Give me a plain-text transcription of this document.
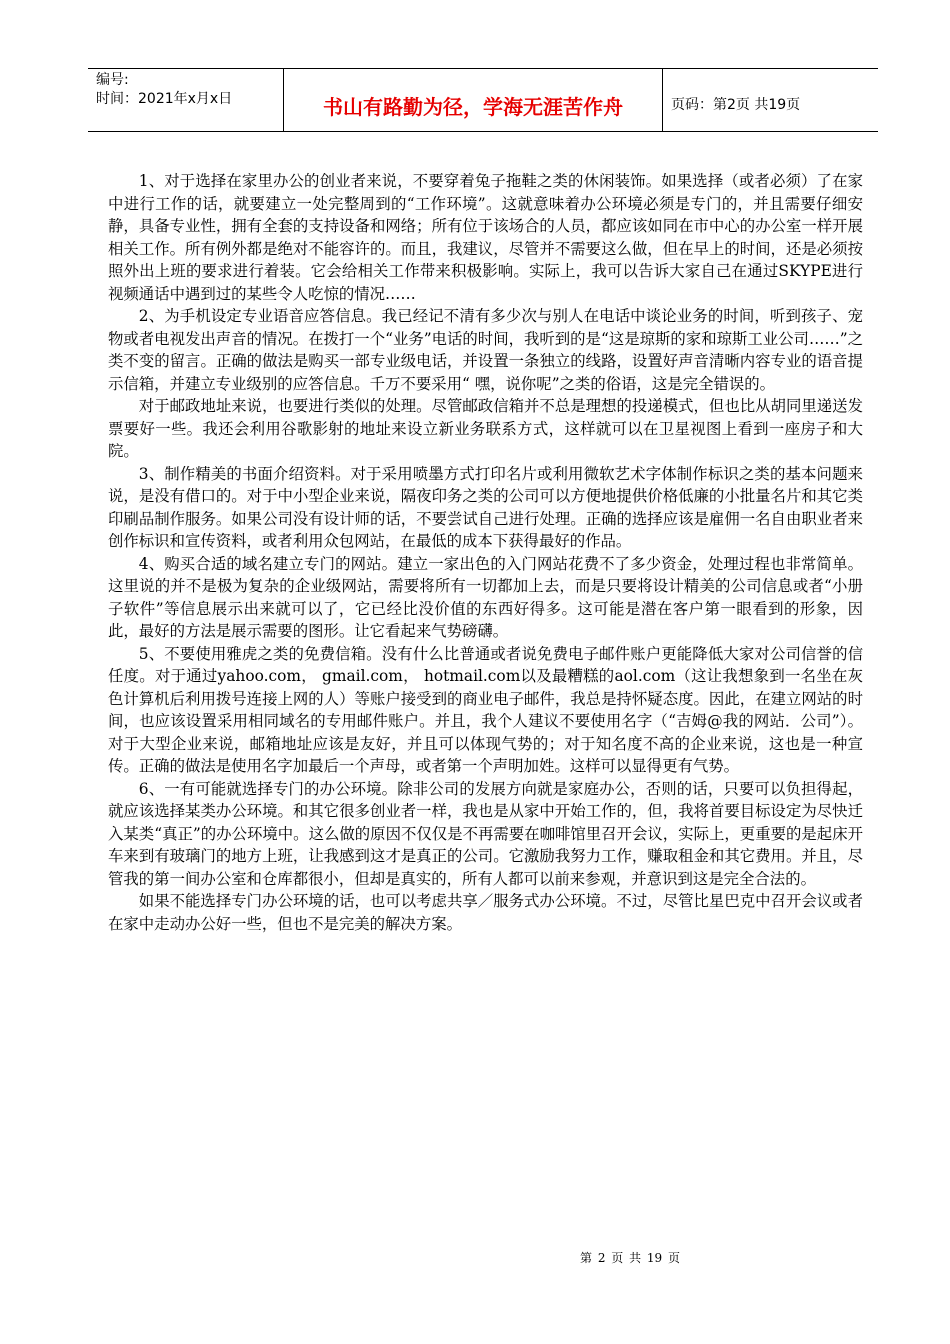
编号:
时间：2021年x月x日	书山有路勤为径，学海无涯苦作舟	页码：第2页 共19页

1、对于选择在家里办公的创业者来说，不要穿着兔子拖鞋之类的休闲装饰。如果选择（或者必须）了在家中进行工作的话，就要建立一处完整周到的“工作环境”。这就意味着办公环境必须是专门的，并且需要仔细安静，具备专业性，拥有全套的支持设备和网络；所有位于该场合的人员，都应该如同在市中心的办公室一样开展相关工作。所有例外都是绝对不能容许的。而且，我建议，尽管并不需要这么做，但在早上的时间，还是必须按照外出上班的要求进行着装。它会给相关工作带来积极影响。实际上，我可以告诉大家自己在通过SKYPE进行视频通话中遇到过的某些令人吃惊的情况……

2、为手机设定专业语音应答信息。我已经记不清有多少次与别人在电话中谈论业务的时间，听到孩子、宠物或者电视发出声音的情况。在拨打一个“业务”电话的时间，我听到的是“这是琼斯的家和琼斯工业公司……”之类不变的留言。正确的做法是购买一部专业级电话，并设置一条独立的线路，设置好声音清晰内容专业的语音提示信箱，并建立专业级别的应答信息。千万不要采用“ 嘿，说你呢”之类的俗语，这是完全错误的。

对于邮政地址来说，也要进行类似的处理。尽管邮政信箱并不总是理想的投递模式，但也比从胡同里递送发票要好一些。我还会利用谷歌影射的地址来设立新业务联系方式，这样就可以在卫星视图上看到一座房子和大院。

3、制作精美的书面介绍资料。对于采用喷墨方式打印名片或利用微软艺术字体制作标识之类的基本问题来说，是没有借口的。对于中小型企业来说，隔夜印务之类的公司可以方便地提供价格低廉的小批量名片和其它类印刷品制作服务。如果公司没有设计师的话，不要尝试自己进行处理。正确的选择应该是雇佣一名自由职业者来创作标识和宣传资料，或者利用众包网站，在最低的成本下获得最好的作品。

4、购买合适的域名建立专门的网站。建立一家出色的入门网站花费不了多少资金，处理过程也非常简单。这里说的并不是极为复杂的企业级网站，需要将所有一切都加上去，而是只要将设计精美的公司信息或者“小册子软件”等信息展示出来就可以了，它已经比没价值的东西好得多。这可能是潜在客户第一眼看到的形象，因此，最好的方法是展示需要的图形。让它看起来气势磅礴。

5、不要使用雅虎之类的免费信箱。没有什么比普通或者说免费电子邮件账户更能降低大家对公司信誉的信任度。对于通过yahoo.com， gmail.com， hotmail.com以及最糟糕的aol.com（这让我想象到一名坐在灰色计算机后利用拨号连接上网的人）等账户接受到的商业电子邮件，我总是持怀疑态度。因此，在建立网站的时间，也应该设置采用相同域名的专用邮件账户。并且，我个人建议不要使用名字（“吉姆@我的网站．公司”）。对于大型企业来说，邮箱地址应该是友好，并且可以体现气势的；对于知名度不高的企业来说，这也是一种宣传。正确的做法是使用名字加最后一个声母，或者第一个声明加姓。这样可以显得更有气势。

6、一有可能就选择专门的办公环境。除非公司的发展方向就是家庭办公，否则的话，只要可以负担得起，就应该选择某类办公环境。和其它很多创业者一样，我也是从家中开始工作的，但，我将首要目标设定为尽快迁入某类“真正”的办公环境中。这么做的原因不仅仅是不再需要在咖啡馆里召开会议，实际上，更重要的是起床开车来到有玻璃门的地方上班，让我感到这才是真正的公司。它激励我努力工作，赚取租金和其它费用。并且，尽管我的第一间办公室和仓库都很小，但却是真实的，所有人都可以前来参观，并意识到这是完全合法的。

如果不能选择专门办公环境的话，也可以考虑共享／服务式办公环境。不过，尽管比星巴克中召开会议或者在家中走动办公好一些，但也不是完美的解决方案。

第 2 页 共 19 页
